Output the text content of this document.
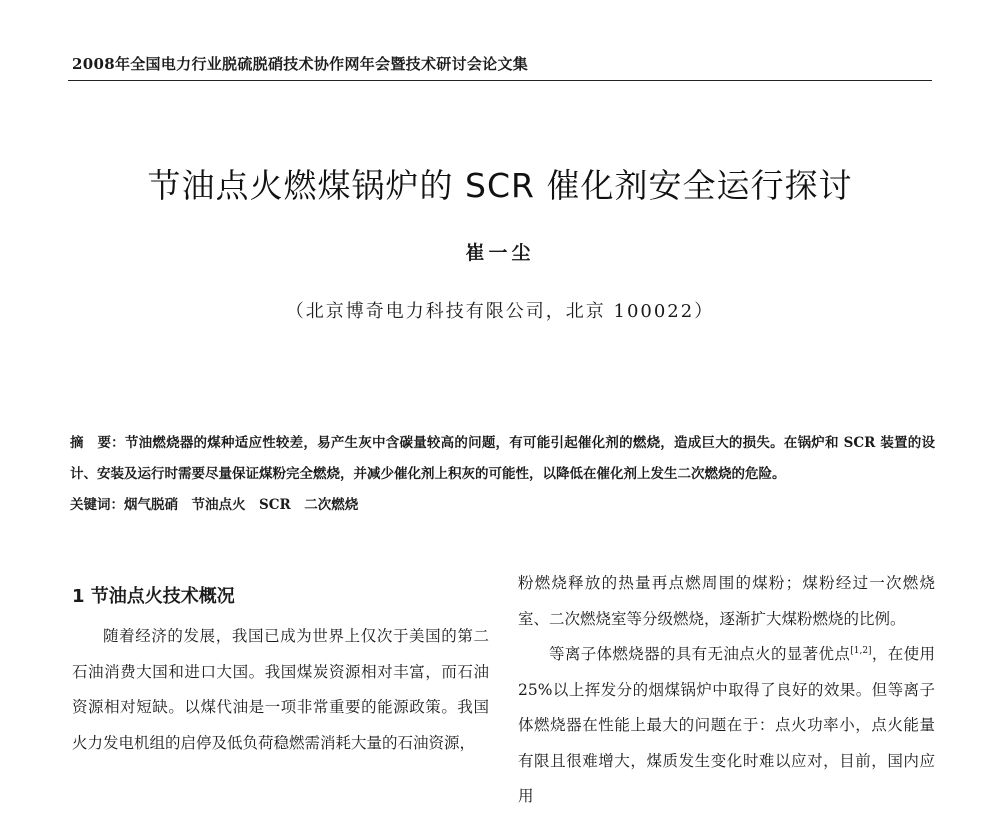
2008年全国电力行业脱硫脱硝技术协作网年会暨技术研讨会论文集
节油点火燃煤锅炉的 SCR 催化剂安全运行探讨
崔一尘
（北京博奇电力科技有限公司，北京 100022）
摘　要：节油燃烧器的煤种适应性较差，易产生灰中含碳量较高的问题，有可能引起催化剂的燃烧，造成巨大的损失。在锅炉和 SCR 装置的设计、安装及运行时需要尽量保证煤粉完全燃烧，并减少催化剂上积灰的可能性，以降低在催化剂上发生二次燃烧的危险。
关键词：烟气脱硝　节油点火　SCR　二次燃烧
1 节油点火技术概况

随着经济的发展，我国已成为世界上仅次于美国的第二石油消费大国和进口大国。我国煤炭资源相对丰富，而石油资源相对短缺。以煤代油是一项非常重要的能源政策。我国火力发电机组的启停及低负荷稳燃需消耗大量的石油资源，

粉燃烧释放的热量再点燃周围的煤粉；煤粉经过一次燃烧室、二次燃烧室等分级燃烧，逐渐扩大煤粉燃烧的比例。

等离子体燃烧器的具有无油点火的显著优点[1,2]，在使用25%以上挥发分的烟煤锅炉中取得了良好的效果。但等离子体燃烧器在性能上最大的问题在于：点火功率小，点火能量有限且很难增大，煤质发生变化时难以应对，目前，国内应用
